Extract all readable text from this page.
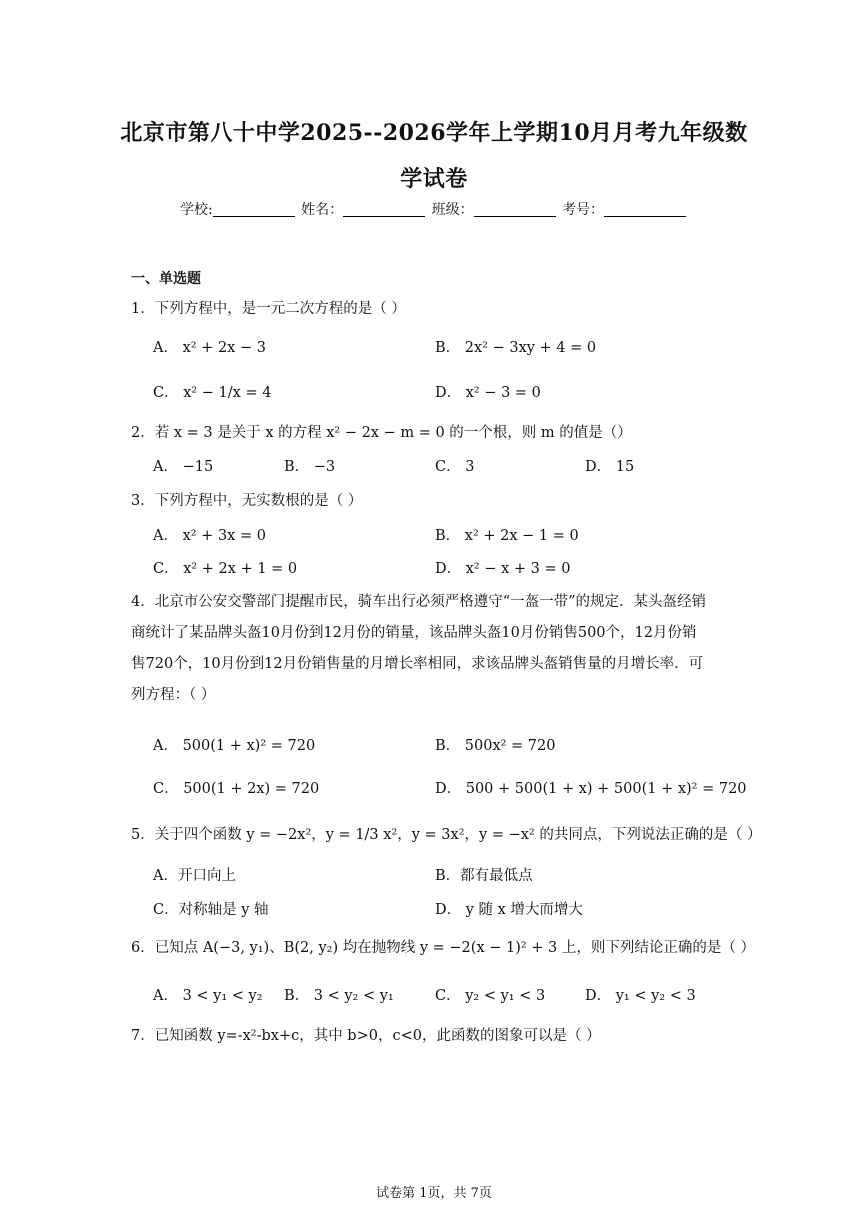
北京市第八十中学2025--2026学年上学期10月月考九年级数
学试卷
学校:	姓名：	班级：	考号：
一、单选题
1．下列方程中，是一元二次方程的是（ ）
A． x² + 2x − 3	B． 2x² − 3xy + 4 = 0
C． x² − 1/x = 4	D． x² − 3 = 0
2．若 x = 3 是关于 x 的方程 x² − 2x − m = 0 的一个根，则 m 的值是（）
A． −15	B． −3	C． 3	D． 15
3．下列方程中，无实数根的是（ ）
A． x² + 3x = 0	B． x² + 2x − 1 = 0
C． x² + 2x + 1 = 0	D． x² − x + 3 = 0
4．北京市公安交警部门提醒市民，骑车出行必须严格遵守“一盔一带”的规定．某头盔经销
商统计了某品牌头盔10月份到12月份的销量，该品牌头盔10月份销售500个，12月份销
售720个，10月份到12月份销售量的月增长率相同，求该品牌头盔销售量的月增长率．可
列方程：（ ）
A． 500(1 + x)² = 720	B． 500x² = 720
C． 500(1 + 2x) = 720	D． 500 + 500(1 + x) + 500(1 + x)² = 720
5．关于四个函数 y = −2x²，y = 1/3 x²，y = 3x²，y = −x² 的共同点，下列说法正确的是（ ）
A．开口向上	B．都有最低点
C．对称轴是 y 轴	D． y 随 x 增大而增大
6．已知点 A(−3, y₁)、B(2, y₂) 均在抛物线 y = −2(x − 1)² + 3 上，则下列结论正确的是（ ）
A． 3 < y₁ < y₂ B． 3 < y₂ < y₁	C． y₂ < y₁ < 3	D． y₁ < y₂ < 3
7．已知函数 y=-x²-bx+c，其中 b>0，c<0，此函数的图象可以是（ ）
试卷第 1页，共 7页
